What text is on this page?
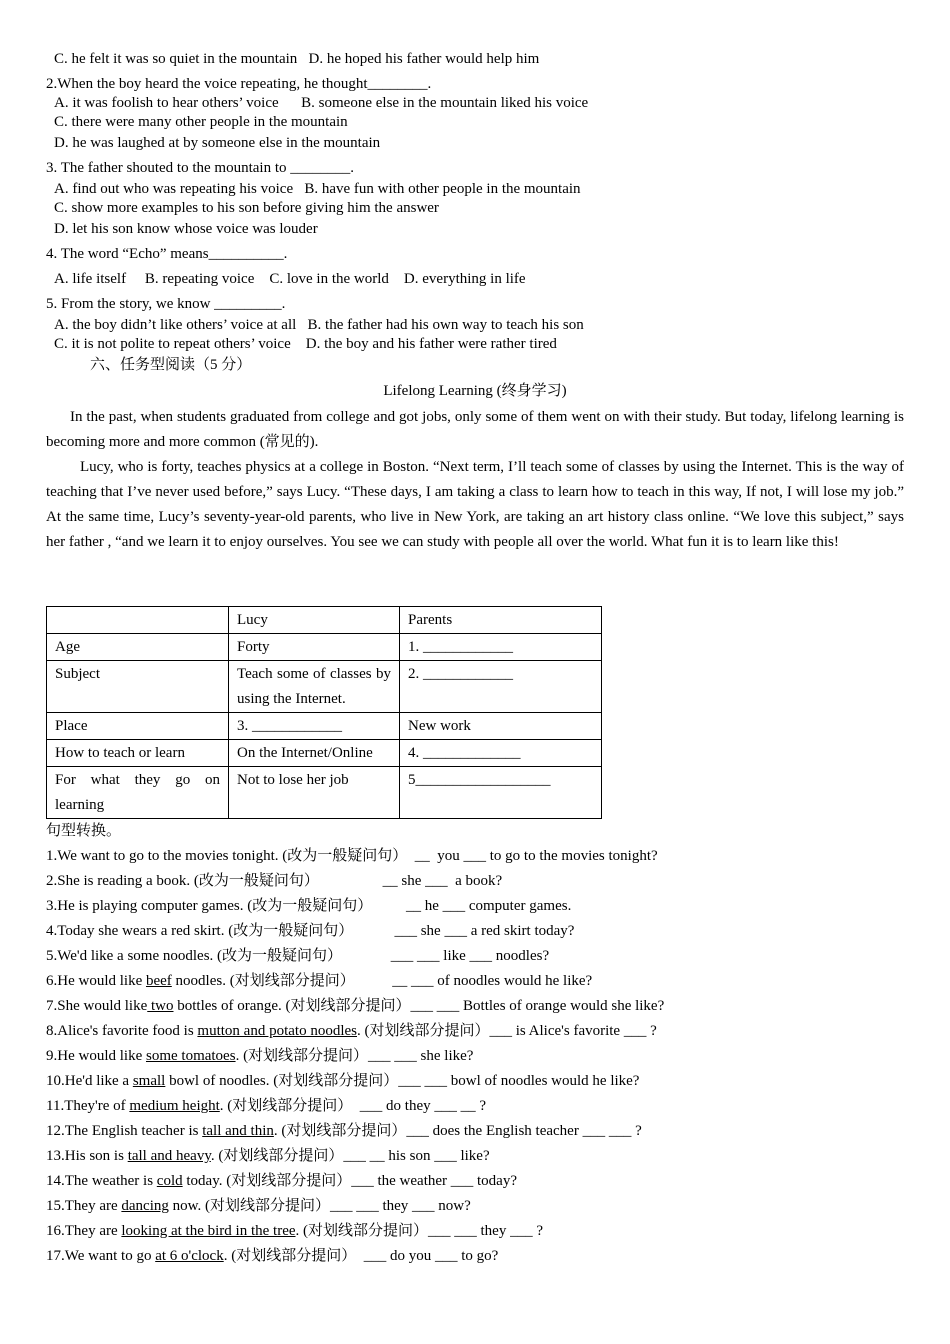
C. he felt it was so quiet in the mountain   D. he hoped his father would help him
2.When the boy heard the voice repeating, he thought________.
A. it was foolish to hear others’ voice      B. someone else in the mountain liked his voice
C. there were many other people in the mountain
D. he was laughed at by someone else in the mountain
3. The father shouted to the mountain to ________.
A. find out who was repeating his voice   B. have fun with other people in the mountain
C. show more examples to his son before giving him the answer
D. let his son know whose voice was louder
4. The word “Echo” means__________.
A. life itself     B. repeating voice    C. love in the world    D. everything in life
5. From the story, we know _________.
A. the boy didn’t like others’ voice at all   B. the father had his own way to teach his son
C. it is not polite to repeat others’ voice    D. the boy and his father were rather tired
六、任务型阅读（5 分）
Lifelong Learning (终身学习)
In the past, when students graduated from college and got jobs, only some of them went on with their study. But today, lifelong learning is becoming more and more common (常见的).
Lucy, who is forty, teaches physics at a college in Boston. “Next term, I’ll teach some of classes by using the Internet. This is the way of teaching that I’ve never used before,” says Lucy. “These days, I am taking a class to learn how to teach in this way, If not, I will lose my job.” At the same time, Lucy’s seventy-year-old parents, who live in New York, are taking an art history class online. “We love this subject,” says her father , “and we learn it to enjoy ourselves. You see we can study with people all over the world. What fun it is to learn like this!
	Lucy	Parents
Age	Forty	1. ____________
Subject	Teach some of classes by using the Internet.	2. ____________
Place	3. ____________	New work
How to teach or learn	On the Internet/Online	4. _____________
For what they go on learning	Not to lose her job	5__________________
句型转换。
1.We want to go to the movies tonight. (改为一般疑问句）  __  you ___ to go to the movies tonight?
2.She is reading a book. (改为一般疑问句）                 __ she ___  a book?
3.He is playing computer games. (改为一般疑问句）         __ he ___ computer games.
4.Today she wears a red skirt. (改为一般疑问句）           ___ she ___ a red skirt today?
5.We'd like a some noodles. (改为一般疑问句）             ___ ___ like ___ noodles?
6.He would like beef noodles. (对划线部分提问）          __ ___ of noodles would he like?
7.She would like two bottles of orange. (对划线部分提问）___ ___ Bottles of orange would she like?
8.Alice's favorite food is mutton and potato noodles. (对划线部分提问）___ is Alice's favorite ___ ?
9.He would like some tomatoes. (对划线部分提问）___ ___ she like?
10.He'd like a small bowl of noodles. (对划线部分提问）___ ___ bowl of noodles would he like?
11.They're of medium height. (对划线部分提问）  ___ do they ___ __ ?
12.The English teacher is tall and thin. (对划线部分提问）___ does the English teacher ___ ___ ?
13.His son is tall and heavy. (对划线部分提问）___ __ his son ___ like?
14.The weather is cold today. (对划线部分提问）___ the weather ___ today?
15.They are dancing now. (对划线部分提问）___ ___ they ___ now?
16.They are looking at the bird in the tree. (对划线部分提问）___ ___ they ___ ?
17.We want to go at 6 o'clock. (对划线部分提问）  ___ do you ___ to go?
